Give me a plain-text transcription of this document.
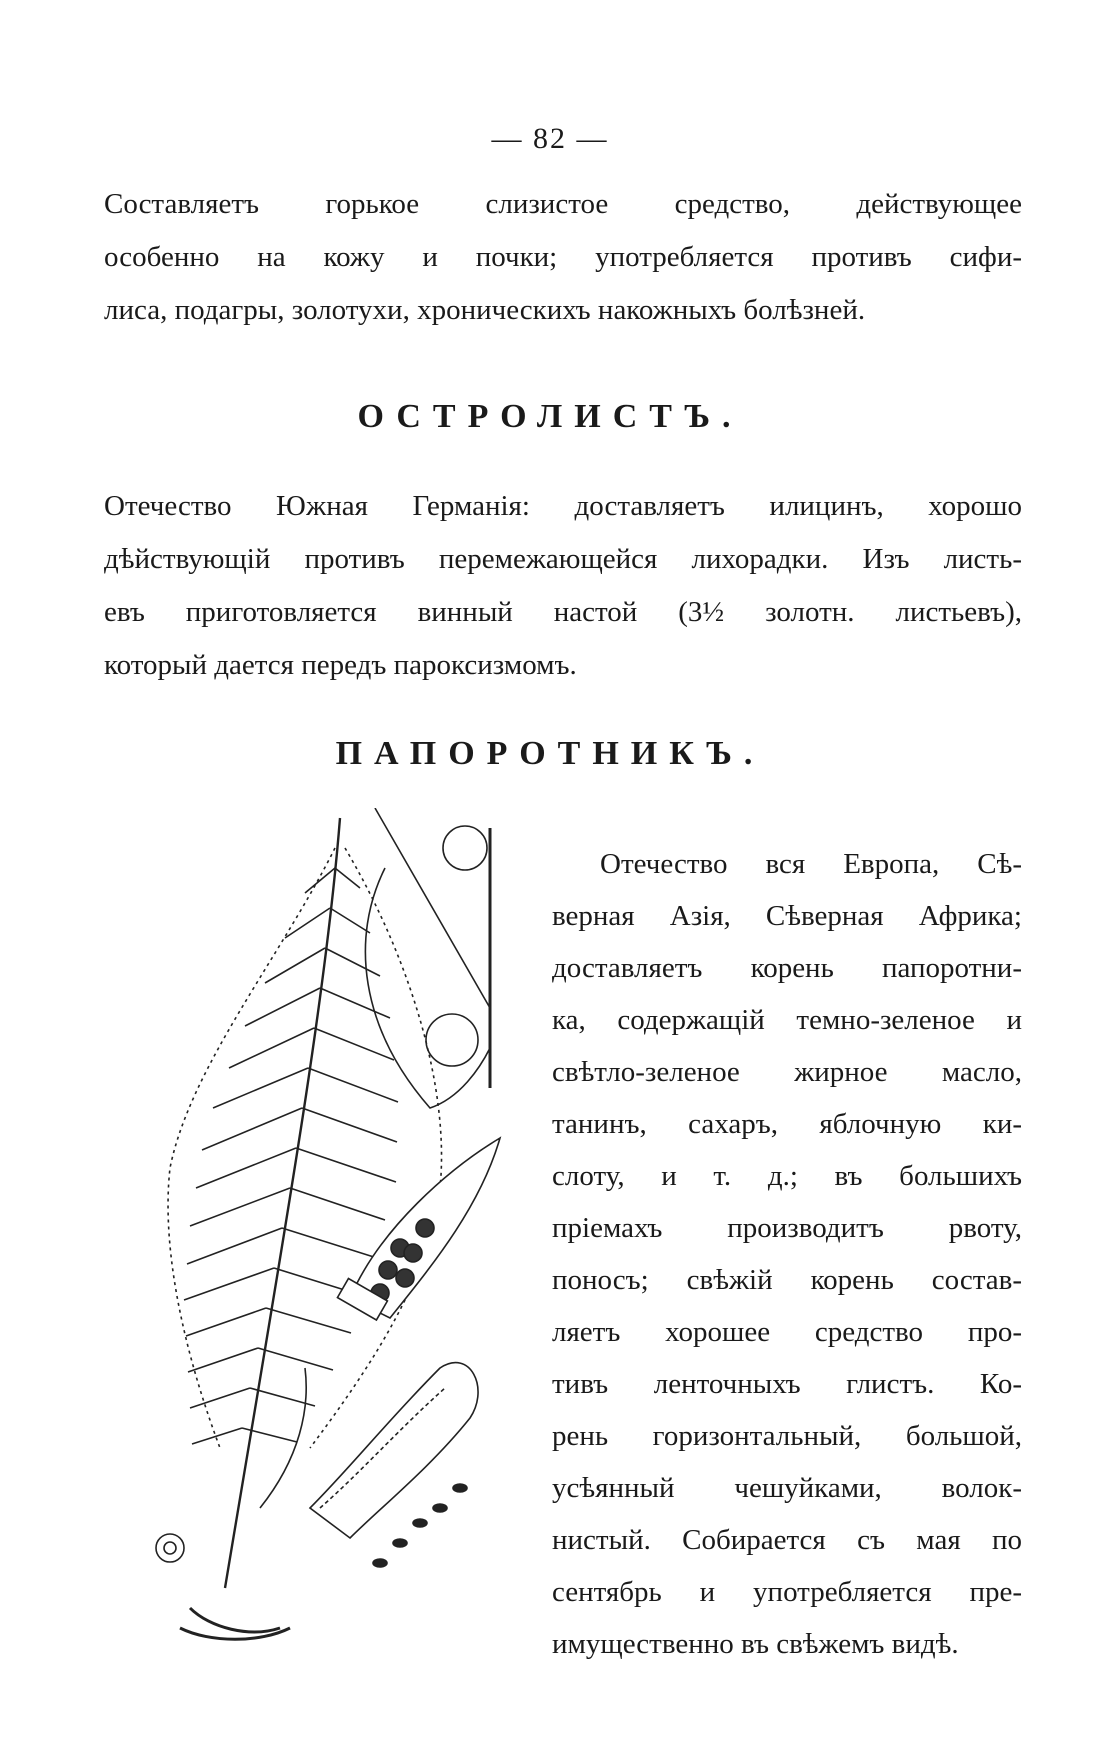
— 82 —
Составляетъ горькое слизистое средство, действующее
особенно на кожу и почки; употребляется противъ сифи-
лиса, подагры, золотухи, хроническихъ накожныхъ болѣзней.
ОСТРОЛИСТЪ.
Отечество Южная Германія: доставляетъ илицинъ, хорошо
дѣйствующій противъ перемежающейся лихорадки. Изъ листь-
евъ приготовляется винный настой (3½ золотн. листьевъ),
который дается передъ пароксизмомъ.
ПАПОРОТНИКЪ.
Отечество вся Европа, Сѣ-
верная Азія, Сѣверная Африка;
доставляетъ корень папоротни-
ка, содержащій темно-зеленое и
свѣтло-зеленое жирное масло,
танинъ, сахаръ, яблочную ки-
слоту, и т. д.; въ большихъ
пріемахъ производитъ рвоту,
поносъ; свѣжій корень состав-
ляетъ хорошее средство про-
тивъ ленточныхъ глистъ. Ко-
рень горизонтальный, большой,
усѣянный чешуйками, волок-
нистый. Собирается съ мая по
сентябрь и употребляется пре-
имущественно въ свѣжемъ видѣ.
